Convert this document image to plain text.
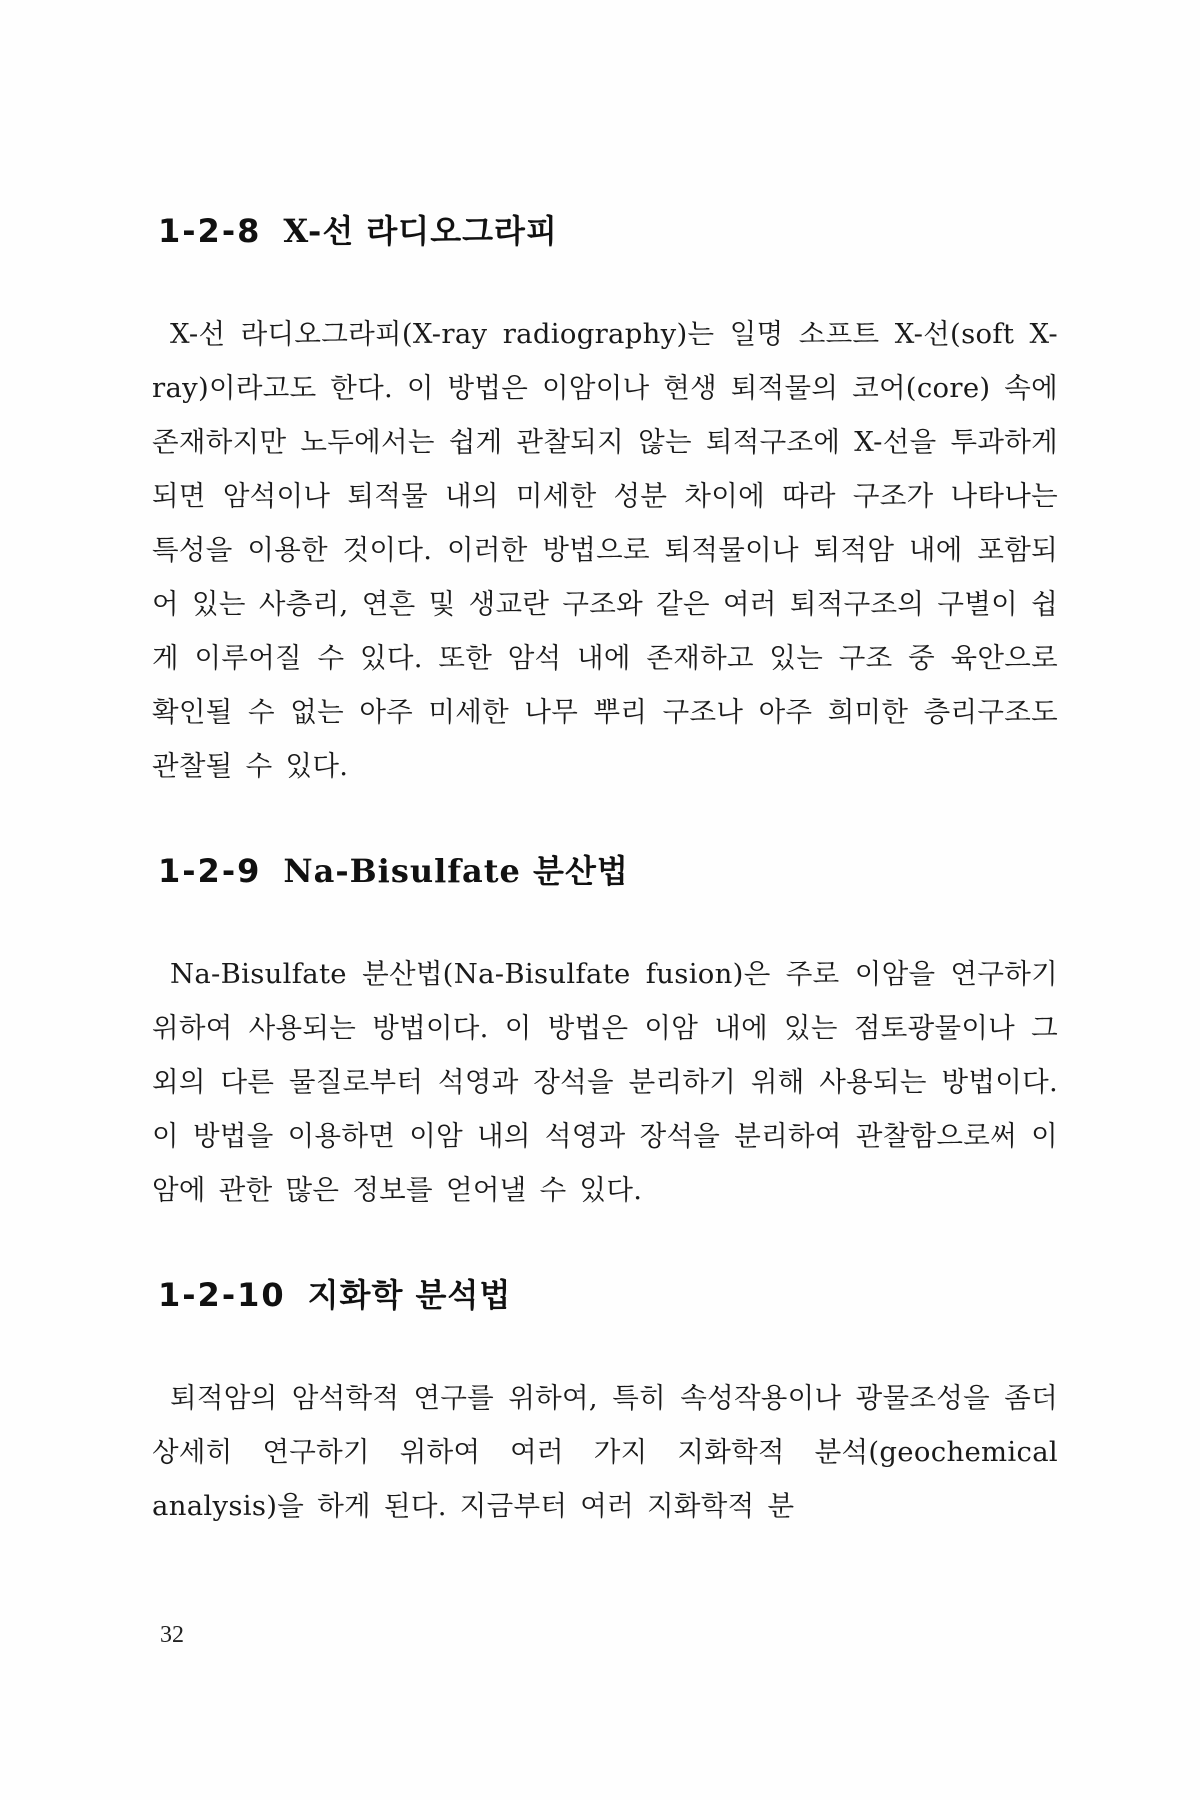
1-2-8 X-선 라디오그라피

X-선 라디오그라피(X-ray radiography)는 일명 소프트 X-선(soft X-ray)이라고도 한다. 이 방법은 이암이나 현생 퇴적물의 코어(core) 속에 존재하지만 노두에서는 쉽게 관찰되지 않는 퇴적구조에 X-선을 투과하게 되면 암석이나 퇴적물 내의 미세한 성분 차이에 따라 구조가 나타나는 특성을 이용한 것이다. 이러한 방법으로 퇴적물이나 퇴적암 내에 포함되어 있는 사층리, 연흔 및 생교란 구조와 같은 여러 퇴적구조의 구별이 쉽게 이루어질 수 있다. 또한 암석 내에 존재하고 있는 구조 중 육안으로 확인될 수 없는 아주 미세한 나무 뿌리 구조나 아주 희미한 층리구조도 관찰될 수 있다.

1-2-9 Na-Bisulfate 분산법

Na-Bisulfate 분산법(Na-Bisulfate fusion)은 주로 이암을 연구하기 위하여 사용되는 방법이다. 이 방법은 이암 내에 있는 점토광물이나 그 외의 다른 물질로부터 석영과 장석을 분리하기 위해 사용되는 방법이다. 이 방법을 이용하면 이암 내의 석영과 장석을 분리하여 관찰함으로써 이암에 관한 많은 정보를 얻어낼 수 있다.

1-2-10 지화학 분석법

퇴적암의 암석학적 연구를 위하여, 특히 속성작용이나 광물조성을 좀더 상세히 연구하기 위하여 여러 가지 지화학적 분석(geochemical analysis)을 하게 된다. 지금부터 여러 지화학적 분

32
